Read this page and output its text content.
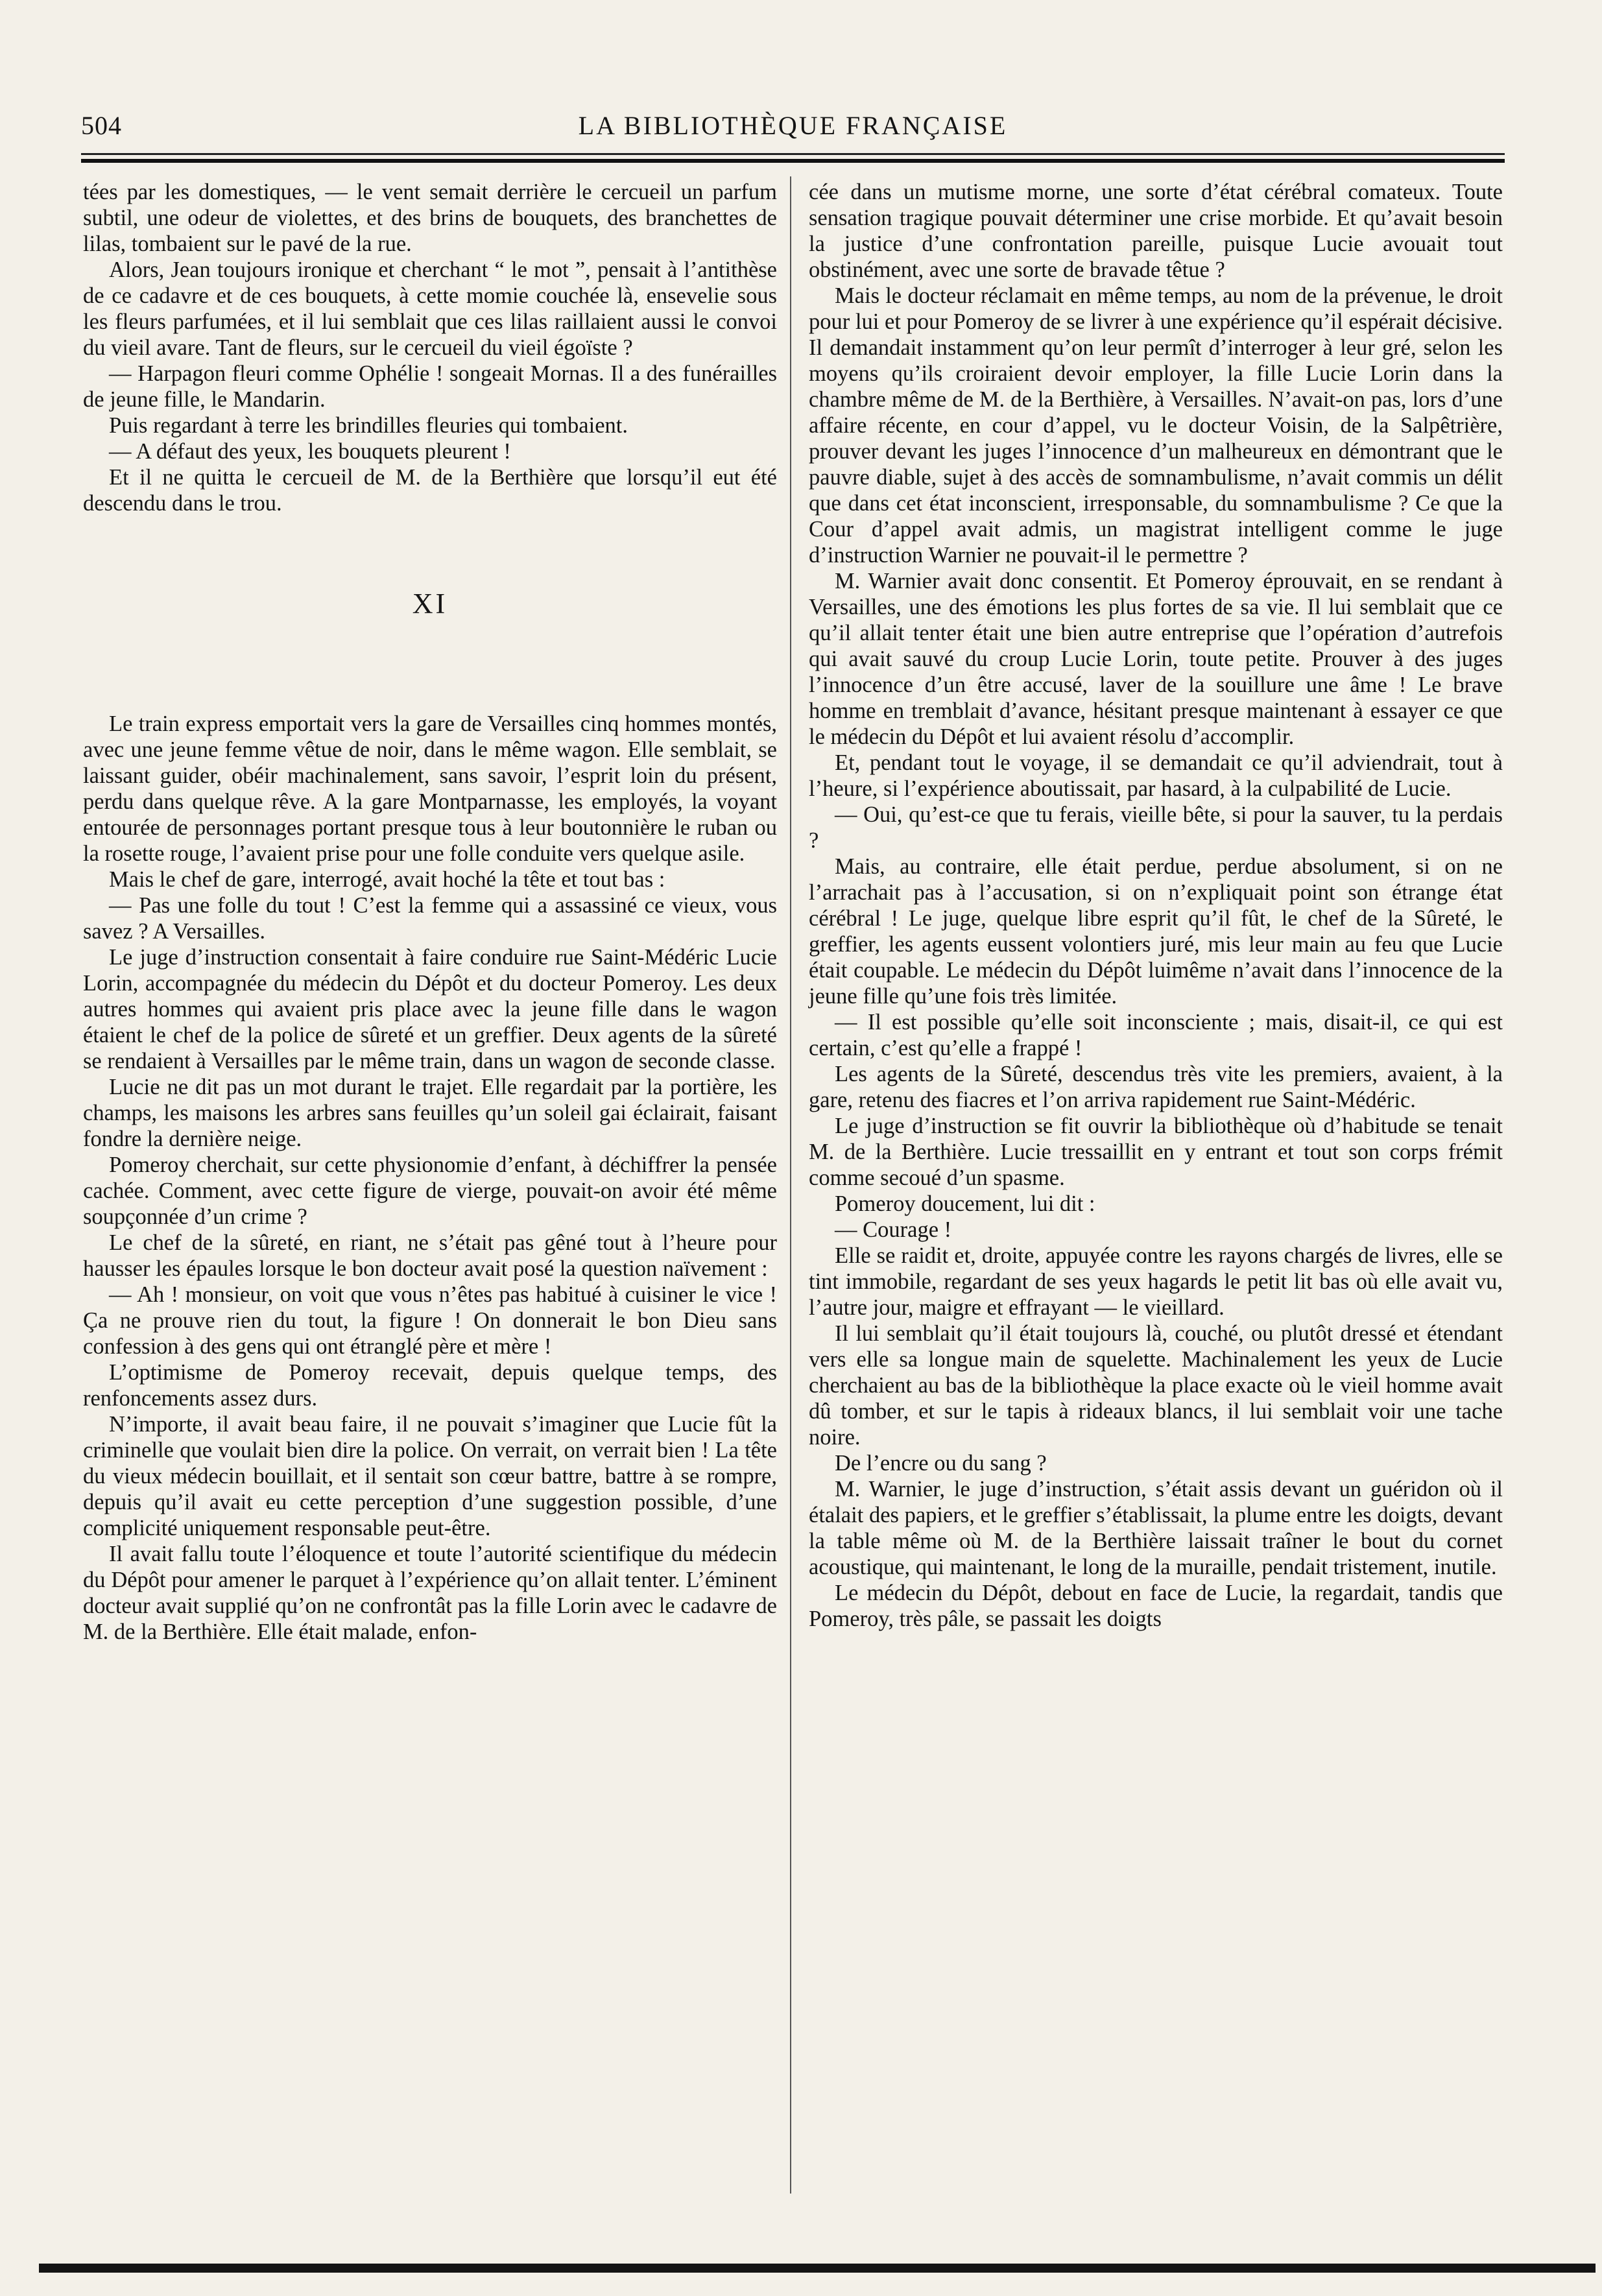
504	LA BIBLIOTHÈQUE FRANÇAISE

tées par les domestiques, — le vent semait derrière le cercueil un parfum subtil, une odeur de violettes, et des brins de bouquets, des branchettes de lilas, tombaient sur le pavé de la rue.

Alors, Jean toujours ironique et cherchant “ le mot ”, pensait à l’antithèse de ce cadavre et de ces bouquets, à cette momie couchée là, ensevelie sous les fleurs parfumées, et il lui semblait que ces lilas raillaient aussi le convoi du vieil avare. Tant de fleurs, sur le cercueil du vieil égoïste ?

— Harpagon fleuri comme Ophélie ! songeait Mornas. Il a des funérailles de jeune fille, le Mandarin.

Puis regardant à terre les brindilles fleuries qui tombaient.

— A défaut des yeux, les bouquets pleurent !

Et il ne quitta le cercueil de M. de la Berthière que lorsqu’il eut été descendu dans le trou.

XI

Le train express emportait vers la gare de Versailles cinq hommes montés, avec une jeune femme vêtue de noir, dans le même wagon. Elle semblait, se laissant guider, obéir machinalement, sans savoir, l’esprit loin du présent, perdu dans quelque rêve. A la gare Montparnasse, les employés, la voyant entourée de personnages portant presque tous à leur boutonnière le ruban ou la rosette rouge, l’avaient prise pour une folle conduite vers quelque asile.

Mais le chef de gare, interrogé, avait hoché la tête et tout bas :

— Pas une folle du tout ! C’est la femme qui a assassiné ce vieux, vous savez ? A Versailles.

Le juge d’instruction consentait à faire conduire rue Saint-Médéric Lucie Lorin, accompagnée du médecin du Dépôt et du docteur Pomeroy. Les deux autres hommes qui avaient pris place avec la jeune fille dans le wagon étaient le chef de la police de sûreté et un greffier. Deux agents de la sûreté se rendaient à Versailles par le même train, dans un wagon de seconde classe.

Lucie ne dit pas un mot durant le trajet. Elle regardait par la portière, les champs, les maisons les arbres sans feuilles qu’un soleil gai éclairait, faisant fondre la dernière neige.

Pomeroy cherchait, sur cette physionomie d’enfant, à déchiffrer la pensée cachée. Comment, avec cette figure de vierge, pouvait-on avoir été même soupçonnée d’un crime ?

Le chef de la sûreté, en riant, ne s’était pas gêné tout à l’heure pour hausser les épaules lorsque le bon docteur avait posé la question naïvement :

— Ah ! monsieur, on voit que vous n’êtes pas habitué à cuisiner le vice ! Ça ne prouve rien du tout, la figure ! On donnerait le bon Dieu sans confession à des gens qui ont étranglé père et mère !

L’optimisme de Pomeroy recevait, depuis quelque temps, des renfoncements assez durs.

N’importe, il avait beau faire, il ne pouvait s’imaginer que Lucie fût la criminelle que voulait bien dire la police. On verrait, on verrait bien ! La tête du vieux médecin bouillait, et il sentait son cœur battre, battre à se rompre, depuis qu’il avait eu cette perception d’une suggestion possible, d’une complicité uniquement responsable peut-être.

Il avait fallu toute l’éloquence et toute l’autorité scientifique du médecin du Dépôt pour amener le parquet à l’expérience qu’on allait tenter. L’éminent docteur avait supplié qu’on ne confrontât pas la fille Lorin avec le cadavre de M. de la Berthière. Elle était malade, enfon-

cée dans un mutisme morne, une sorte d’état cérébral comateux. Toute sensation tragique pouvait déterminer une crise morbide. Et qu’avait besoin la justice d’une confrontation pareille, puisque Lucie avouait tout obstinément, avec une sorte de bravade têtue ?

Mais le docteur réclamait en même temps, au nom de la prévenue, le droit pour lui et pour Pomeroy de se livrer à une expérience qu’il espérait décisive. Il demandait instamment qu’on leur permît d’interroger à leur gré, selon les moyens qu’ils croiraient devoir employer, la fille Lucie Lorin dans la chambre même de M. de la Berthière, à Versailles. N’avait-on pas, lors d’une affaire récente, en cour d’appel, vu le docteur Voisin, de la Salpêtrière, prouver devant les juges l’innocence d’un malheureux en démontrant que le pauvre diable, sujet à des accès de somnambulisme, n’avait commis un délit que dans cet état inconscient, irresponsable, du somnambulisme ? Ce que la Cour d’appel avait admis, un magistrat intelligent comme le juge d’instruction Warnier ne pouvait-il le permettre ?

M. Warnier avait donc consentit. Et Pomeroy éprouvait, en se rendant à Versailles, une des émotions les plus fortes de sa vie. Il lui semblait que ce qu’il allait tenter était une bien autre entreprise que l’opération d’autrefois qui avait sauvé du croup Lucie Lorin, toute petite. Prouver à des juges l’innocence d’un être accusé, laver de la souillure une âme ! Le brave homme en tremblait d’avance, hésitant presque maintenant à essayer ce que le médecin du Dépôt et lui avaient résolu d’accomplir.

Et, pendant tout le voyage, il se demandait ce qu’il adviendrait, tout à l’heure, si l’expérience aboutissait, par hasard, à la culpabilité de Lucie.

— Oui, qu’est-ce que tu ferais, vieille bête, si pour la sauver, tu la perdais ?

Mais, au contraire, elle était perdue, perdue absolument, si on ne l’arrachait pas à l’accusation, si on n’expliquait point son étrange état cérébral ! Le juge, quelque libre esprit qu’il fût, le chef de la Sûreté, le greffier, les agents eussent volontiers juré, mis leur main au feu que Lucie était coupable. Le médecin du Dépôt luimême n’avait dans l’innocence de la jeune fille qu’une fois très limitée.

— Il est possible qu’elle soit inconsciente ; mais, disait-il, ce qui est certain, c’est qu’elle a frappé !

Les agents de la Sûreté, descendus très vite les premiers, avaient, à la gare, retenu des fiacres et l’on arriva rapidement rue Saint-Médéric.

Le juge d’instruction se fit ouvrir la bibliothèque où d’habitude se tenait M. de la Berthière. Lucie tressaillit en y entrant et tout son corps frémit comme secoué d’un spasme.

Pomeroy doucement, lui dit :

— Courage !

Elle se raidit et, droite, appuyée contre les rayons chargés de livres, elle se tint immobile, regardant de ses yeux hagards le petit lit bas où elle avait vu, l’autre jour, maigre et effrayant — le vieillard.

Il lui semblait qu’il était toujours là, couché, ou plutôt dressé et étendant vers elle sa longue main de squelette. Machinalement les yeux de Lucie cherchaient au bas de la bibliothèque la place exacte où le vieil homme avait dû tomber, et sur le tapis à rideaux blancs, il lui semblait voir une tache noire.

De l’encre ou du sang ?

M. Warnier, le juge d’instruction, s’était assis devant un guéridon où il étalait des papiers, et le greffier s’établissait, la plume entre les doigts, devant la table même où M. de la Berthière laissait traîner le bout du cornet acoustique, qui maintenant, le long de la muraille, pendait tristement, inutile.

Le médecin du Dépôt, debout en face de Lucie, la regardait, tandis que Pomeroy, très pâle, se passait les doigts
